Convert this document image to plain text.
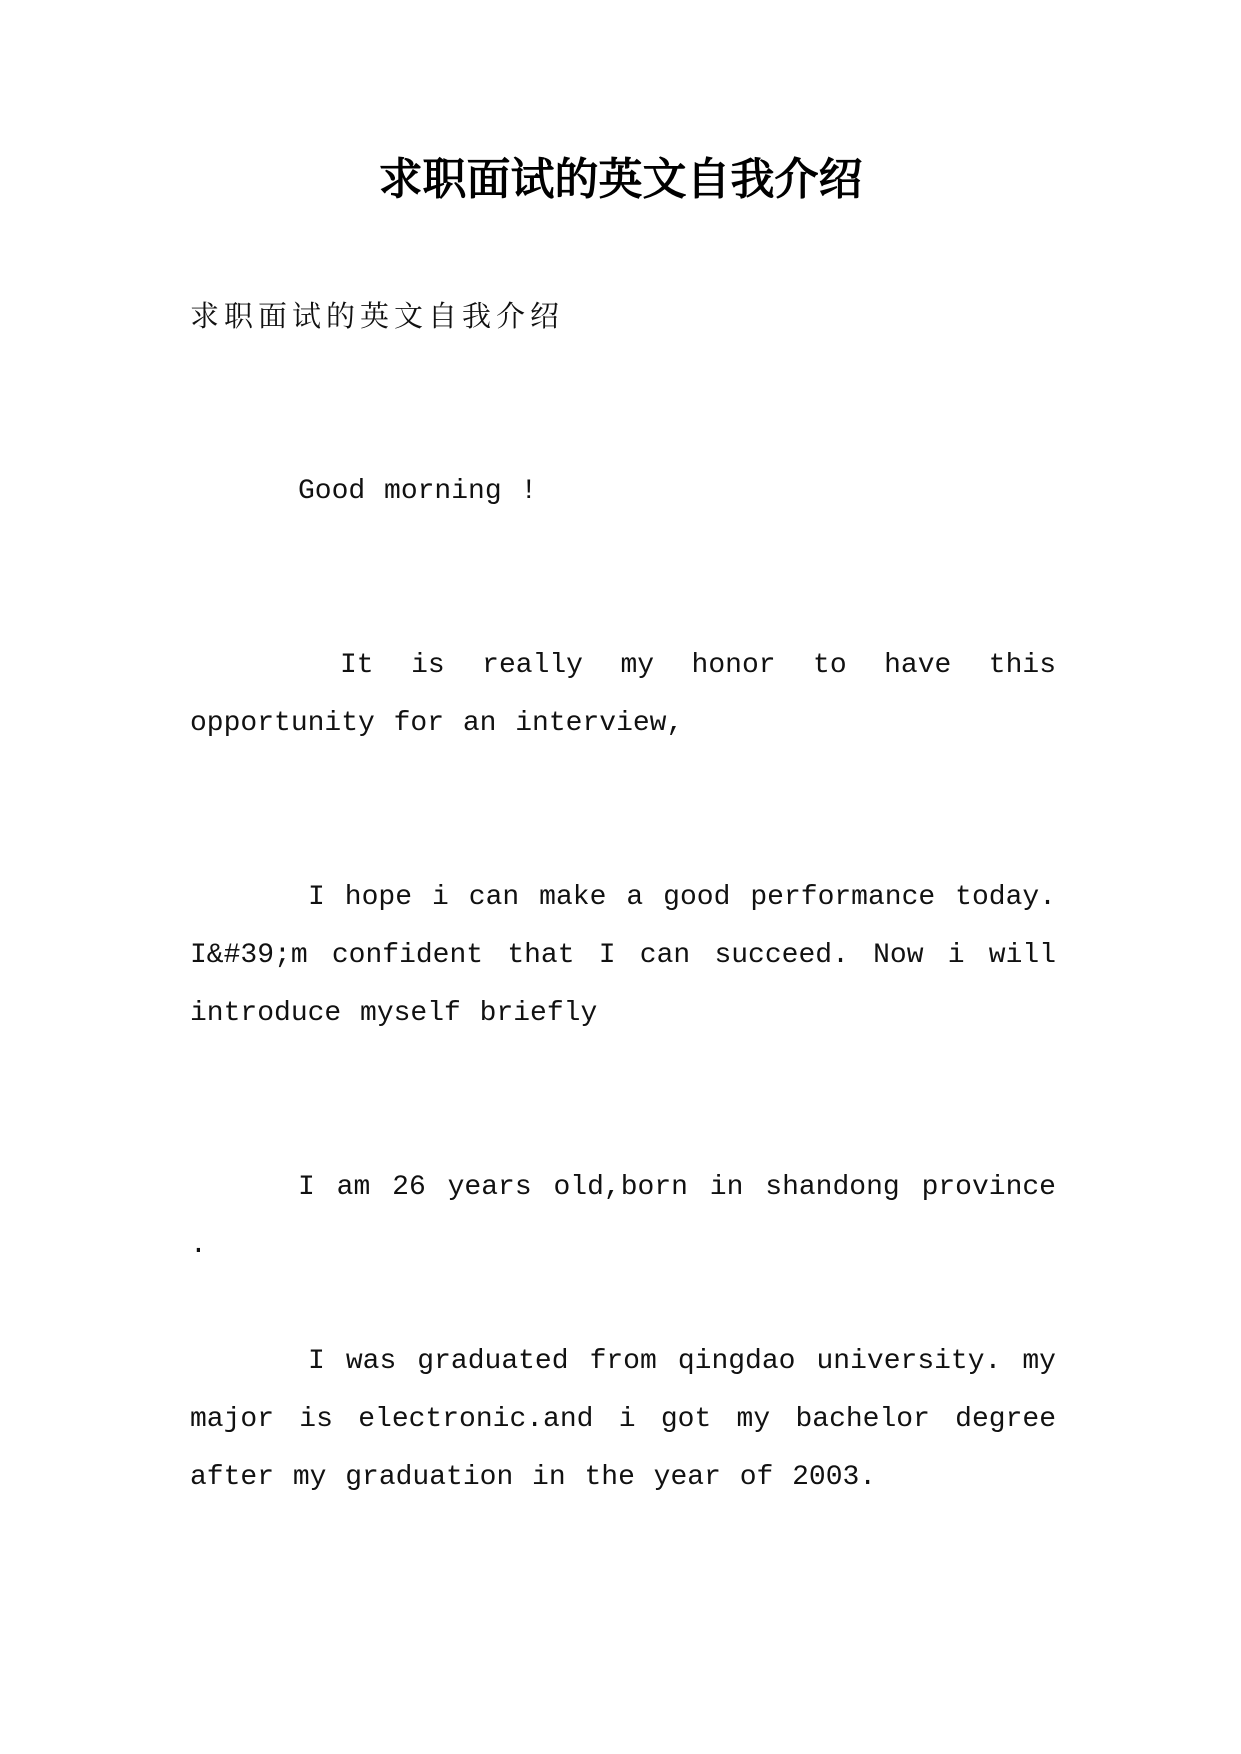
求职面试的英文自我介绍

求职面试的英文自我介绍

Good morning !

It is really my honor to have this opportunity for an interview,

I hope i can make a good performance today. I&#39;m confident that I can succeed. Now i will introduce myself briefly

I am 26 years old,born in shandong province .

I was graduated from qingdao university. my major is electronic.and i got my bachelor degree after my graduation in the year of 2003.
